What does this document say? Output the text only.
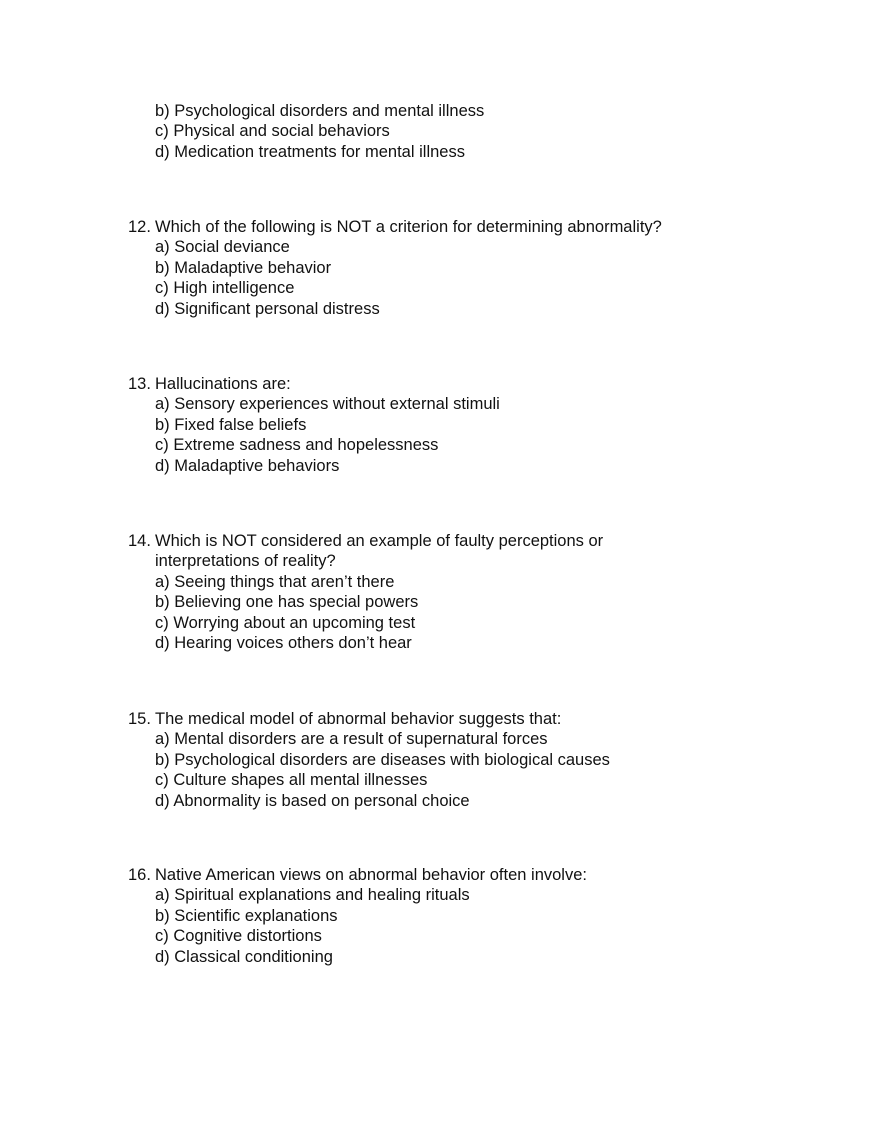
b) Psychological disorders and mental illness
c) Physical and social behaviors
d) Medication treatments for mental illness
12. Which of the following is NOT a criterion for determining abnormality?
a) Social deviance
b) Maladaptive behavior
c) High intelligence
d) Significant personal distress
13. Hallucinations are:
a) Sensory experiences without external stimuli
b) Fixed false beliefs
c) Extreme sadness and hopelessness
d) Maladaptive behaviors
14. Which is NOT considered an example of faulty perceptions or
interpretations of reality?
a) Seeing things that aren’t there
b) Believing one has special powers
c) Worrying about an upcoming test
d) Hearing voices others don’t hear
15. The medical model of abnormal behavior suggests that:
a) Mental disorders are a result of supernatural forces
b) Psychological disorders are diseases with biological causes
c) Culture shapes all mental illnesses
d) Abnormality is based on personal choice
16. Native American views on abnormal behavior often involve:
a) Spiritual explanations and healing rituals
b) Scientific explanations
c) Cognitive distortions
d) Classical conditioning
